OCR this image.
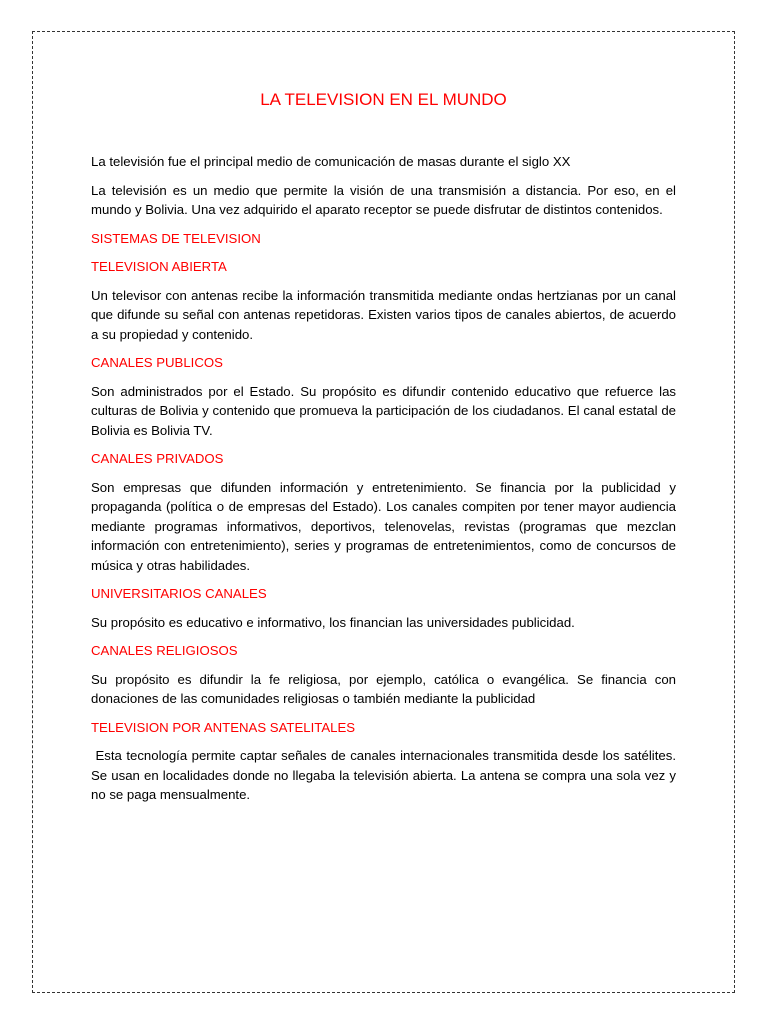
LA TELEVISION EN EL MUNDO

La televisión fue el principal medio de comunicación de masas durante el siglo XX

La televisión es un medio que permite la visión de una transmisión a distancia. Por eso, en el mundo y Bolivia. Una vez adquirido el aparato receptor se puede disfrutar de distintos contenidos.

SISTEMAS DE TELEVISION
TELEVISION ABIERTA

Un televisor con antenas recibe la información transmitida mediante ondas hertzianas por un canal que difunde su señal con antenas repetidoras. Existen varios tipos de canales abiertos, de acuerdo a su propiedad y contenido.

CANALES PUBLICOS

Son administrados por el Estado. Su propósito es difundir contenido educativo que refuerce las culturas de Bolivia y contenido que promueva la participación de los ciudadanos. El canal estatal de Bolivia es Bolivia TV.

CANALES PRIVADOS

Son empresas que difunden información y entretenimiento. Se financia por la publicidad y propaganda (política o de empresas del Estado). Los canales compiten por tener mayor audiencia mediante programas informativos, deportivos, telenovelas, revistas (programas que mezclan información con entretenimiento), series y programas de entretenimientos, como de concursos de música y otras habilidades.

UNIVERSITARIOS CANALES

Su propósito es educativo e informativo, los financian las universidades publicidad.

CANALES RELIGIOSOS

Su propósito es difundir la fe religiosa, por ejemplo, católica o evangélica. Se financia con donaciones de las comunidades religiosas o también mediante la publicidad

TELEVISION POR ANTENAS SATELITALES

Esta tecnología permite captar señales de canales internacionales transmitida desde los satélites. Se usan en localidades donde no llegaba la televisión abierta. La antena se compra una sola vez y no se paga mensualmente.
